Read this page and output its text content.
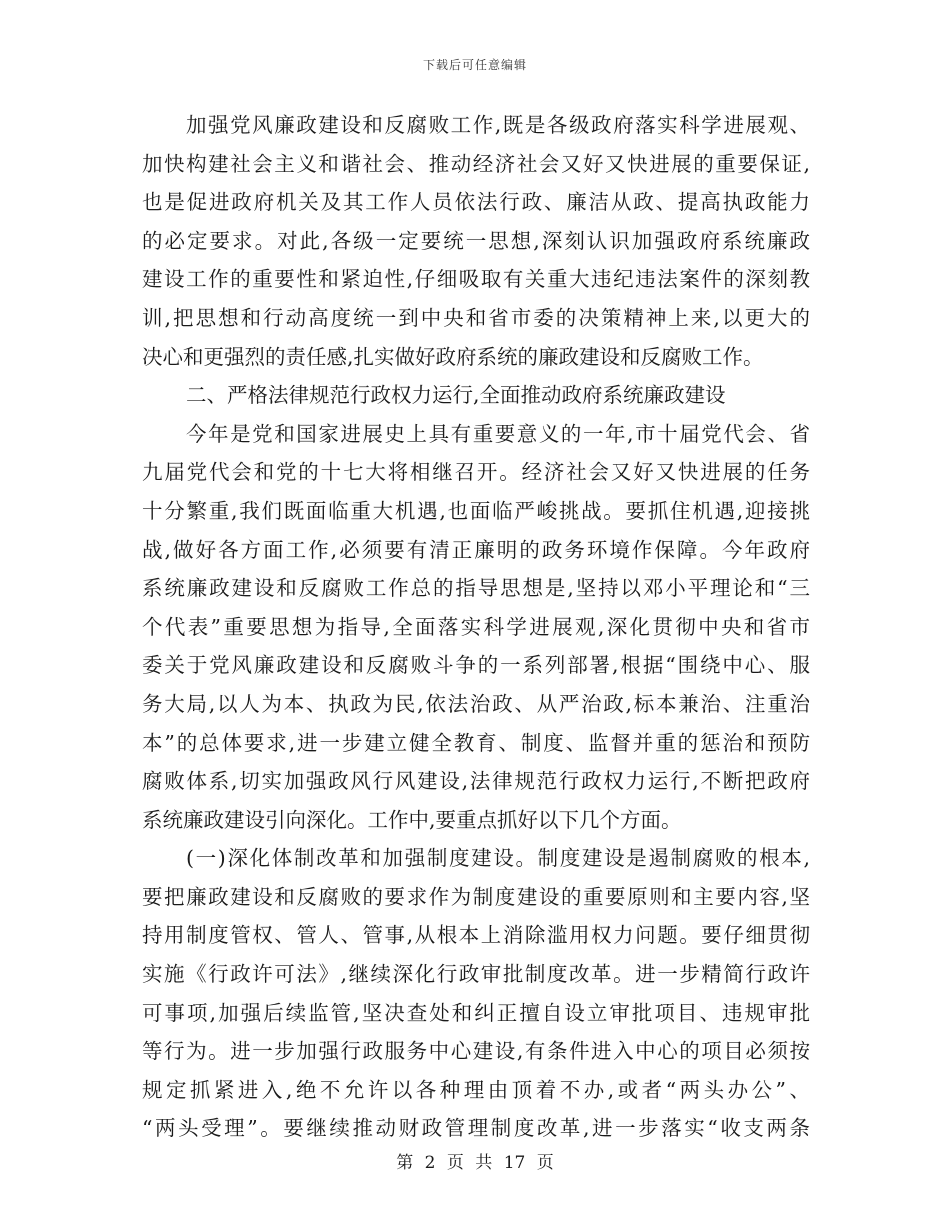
下载后可任意编辑
加强党风廉政建设和反腐败工作,既是各级政府落实科学进展观、
加快构建社会主义和谐社会、推动经济社会又好又快进展的重要保证,
也是促进政府机关及其工作人员依法行政、廉洁从政、提高执政能力
的必定要求。对此,各级一定要统一思想,深刻认识加强政府系统廉政
建设工作的重要性和紧迫性,仔细吸取有关重大违纪违法案件的深刻教
训,把思想和行动高度统一到中央和省市委的决策精神上来,以更大的
决心和更强烈的责任感,扎实做好政府系统的廉政建设和反腐败工作。
二、严格法律规范行政权力运行,全面推动政府系统廉政建设
今年是党和国家进展史上具有重要意义的一年,市十届党代会、省
九届党代会和党的十七大将相继召开。经济社会又好又快进展的任务
十分繁重,我们既面临重大机遇,也面临严峻挑战。要抓住机遇,迎接挑
战,做好各方面工作,必须要有清正廉明的政务环境作保障。今年政府
系统廉政建设和反腐败工作总的指导思想是,坚持以邓小平理论和“三
个代表”重要思想为指导,全面落实科学进展观,深化贯彻中央和省市
委关于党风廉政建设和反腐败斗争的一系列部署,根据“围绕中心、服
务大局,以人为本、执政为民,依法治政、从严治政,标本兼治、注重治
本”的总体要求,进一步建立健全教育、制度、监督并重的惩治和预防
腐败体系,切实加强政风行风建设,法律规范行政权力运行,不断把政府
系统廉政建设引向深化。工作中,要重点抓好以下几个方面。
(一)深化体制改革和加强制度建设。制度建设是遏制腐败的根本,
要把廉政建设和反腐败的要求作为制度建设的重要原则和主要内容,坚
持用制度管权、管人、管事,从根本上消除滥用权力问题。要仔细贯彻
实施《行政许可法》,继续深化行政审批制度改革。进一步精简行政许
可事项,加强后续监管,坚决查处和纠正擅自设立审批项目、违规审批
等行为。进一步加强行政服务中心建设,有条件进入中心的项目必须按
规定抓紧进入,绝不允许以各种理由顶着不办,或者“两头办公”、
“两头受理”。要继续推动财政管理制度改革,进一步落实“收支两条
第 2 页 共 17 页
